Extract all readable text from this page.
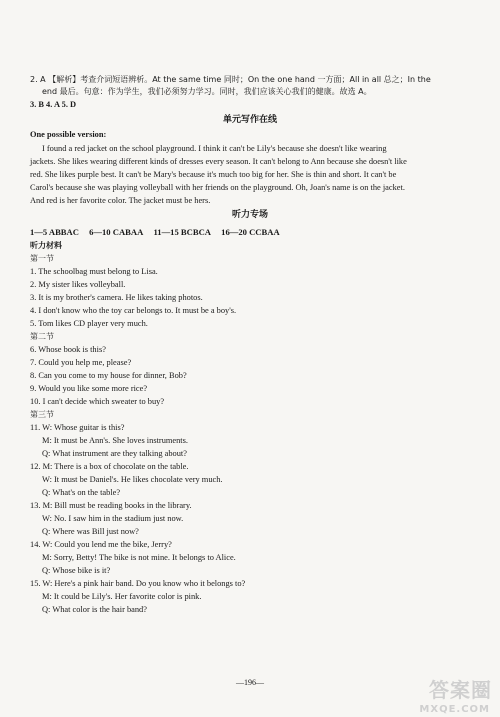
2. A 【解析】考查介词短语辨析。At the same time 同时；On the one hand 一方面；All in all 总之；In the
end 最后。句意：作为学生，我们必须努力学习。同时，我们应该关心我们的健康。故选 A。
3. B 4. A 5. D
单元写作在线
One possible version:
I found a red jacket on the school playground. I think it can't be Lily's because she doesn't like wearing
jackets. She likes wearing different kinds of dresses every season. It can't belong to Ann because she doesn't like
red. She likes purple best. It can't be Mary's because it's much too big for her. She is thin and short. It can't be
Carol's because she was playing volleyball with her friends on the playground. Oh, Joan's name is on the jacket.
And red is her favorite color. The jacket must be hers.
听力专场
1—5 ABBAC 6—10 CABAA 11—15 BCBCA 16—20 CCBAA
听力材料
第一节
1. The schoolbag must belong to Lisa.
2. My sister likes volleyball.
3. It is my brother's camera. He likes taking photos.
4. I don't know who the toy car belongs to. It must be a boy's.
5. Tom likes CD player very much.
第二节
6. Whose book is this?
7. Could you help me, please?
8. Can you come to my house for dinner, Bob?
9. Would you like some more rice?
10. I can't decide which sweater to buy?
第三节
11. W: Whose guitar is this?
M: It must be Ann's. She loves instruments.
Q: What instrument are they talking about?
12. M: There is a box of chocolate on the table.
W: It must be Daniel's. He likes chocolate very much.
Q: What's on the table?
13. M: Bill must be reading books in the library.
W: No. I saw him in the stadium just now.
Q: Where was Bill just now?
14. W: Could you lend me the bike, Jerry?
M: Sorry, Betty! The bike is not mine. It belongs to Alice.
Q: Whose bike is it?
15. W: Here's a pink hair band. Do you know who it belongs to?
M: It could be Lily's. Her favorite color is pink.
Q: What color is the hair band?
—196—	答案圈
MXQE.COM
